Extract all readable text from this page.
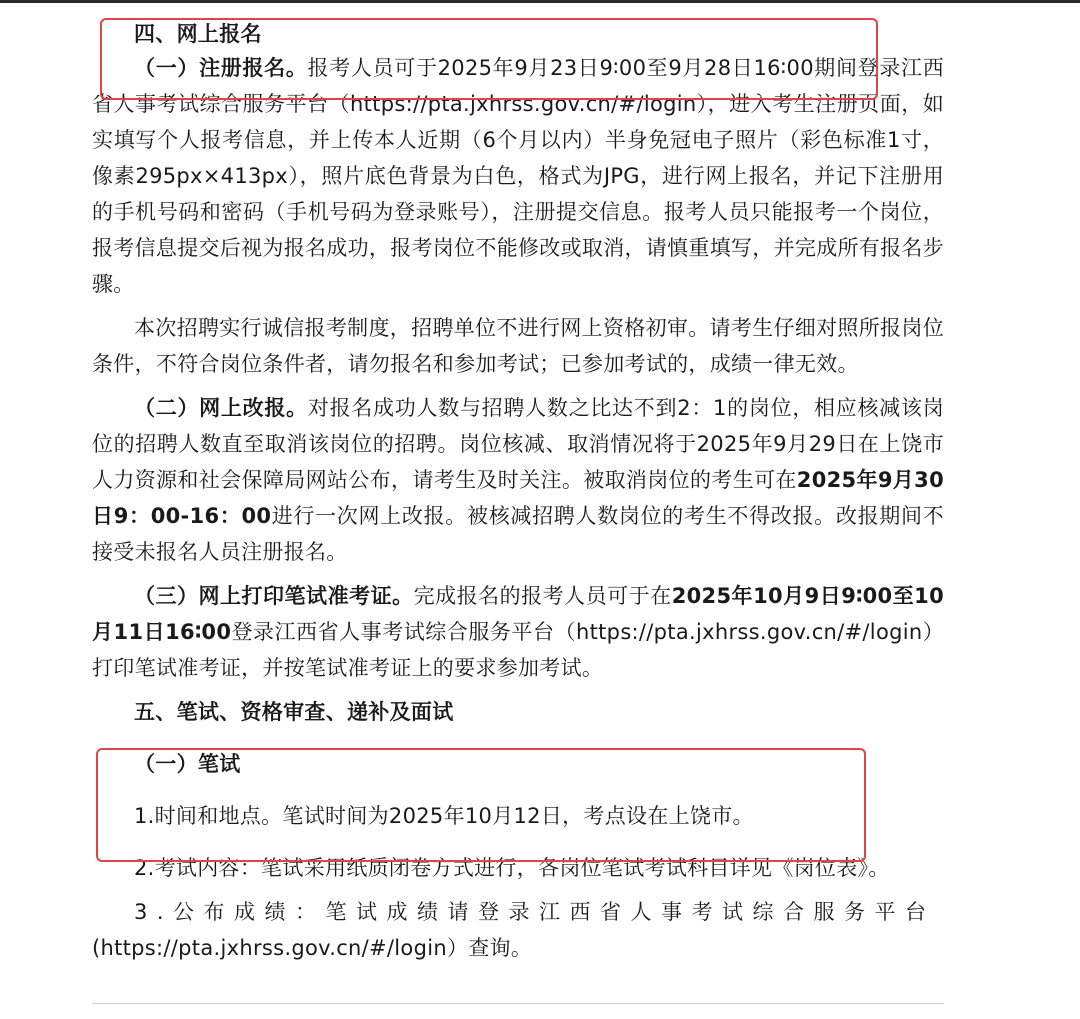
四、网上报名

（一）注册报名。报考人员可于2025年9月23日9∶00至9月28日16∶00期间登录江西省人事考试综合服务平台（https://pta.jxhrss.gov.cn/#/login），进入考生注册页面，如实填写个人报考信息，并上传本人近期（6个月以内）半身免冠电子照片（彩色标准1寸，像素295px×413px），照片底色背景为白色，格式为JPG，进行网上报名，并记下注册用的手机号码和密码（手机号码为登录账号），注册提交信息。报考人员只能报考一个岗位，报考信息提交后视为报名成功，报考岗位不能修改或取消，请慎重填写，并完成所有报名步骤。

本次招聘实行诚信报考制度，招聘单位不进行网上资格初审。请考生仔细对照所报岗位条件，不符合岗位条件者，请勿报名和参加考试；已参加考试的，成绩一律无效。

（二）网上改报。对报名成功人数与招聘人数之比达不到2：1的岗位，相应核减该岗位的招聘人数直至取消该岗位的招聘。岗位核减、取消情况将于2025年9月29日在上饶市人力资源和社会保障局网站公布，请考生及时关注。被取消岗位的考生可在2025年9月30日9：00-16：00进行一次网上改报。被核减招聘人数岗位的考生不得改报。改报期间不接受未报名人员注册报名。

（三）网上打印笔试准考证。完成报名的报考人员可于在2025年10月9日9∶00至10月11日16∶00登录江西省人事考试综合服务平台（https://pta.jxhrss.gov.cn/#/login）打印笔试准考证，并按笔试准考证上的要求参加考试。

五、笔试、资格审查、递补及面试

（一）笔试

1.时间和地点。笔试时间为2025年10月12日，考点设在上饶市。

2.考试内容：笔试采用纸质闭卷方式进行，各岗位笔试考试科目详见《岗位表》。

3.公布成绩：笔试成绩请登录江西省人事考试综合服务平台

(https://pta.jxhrss.gov.cn/#/login）查询。
